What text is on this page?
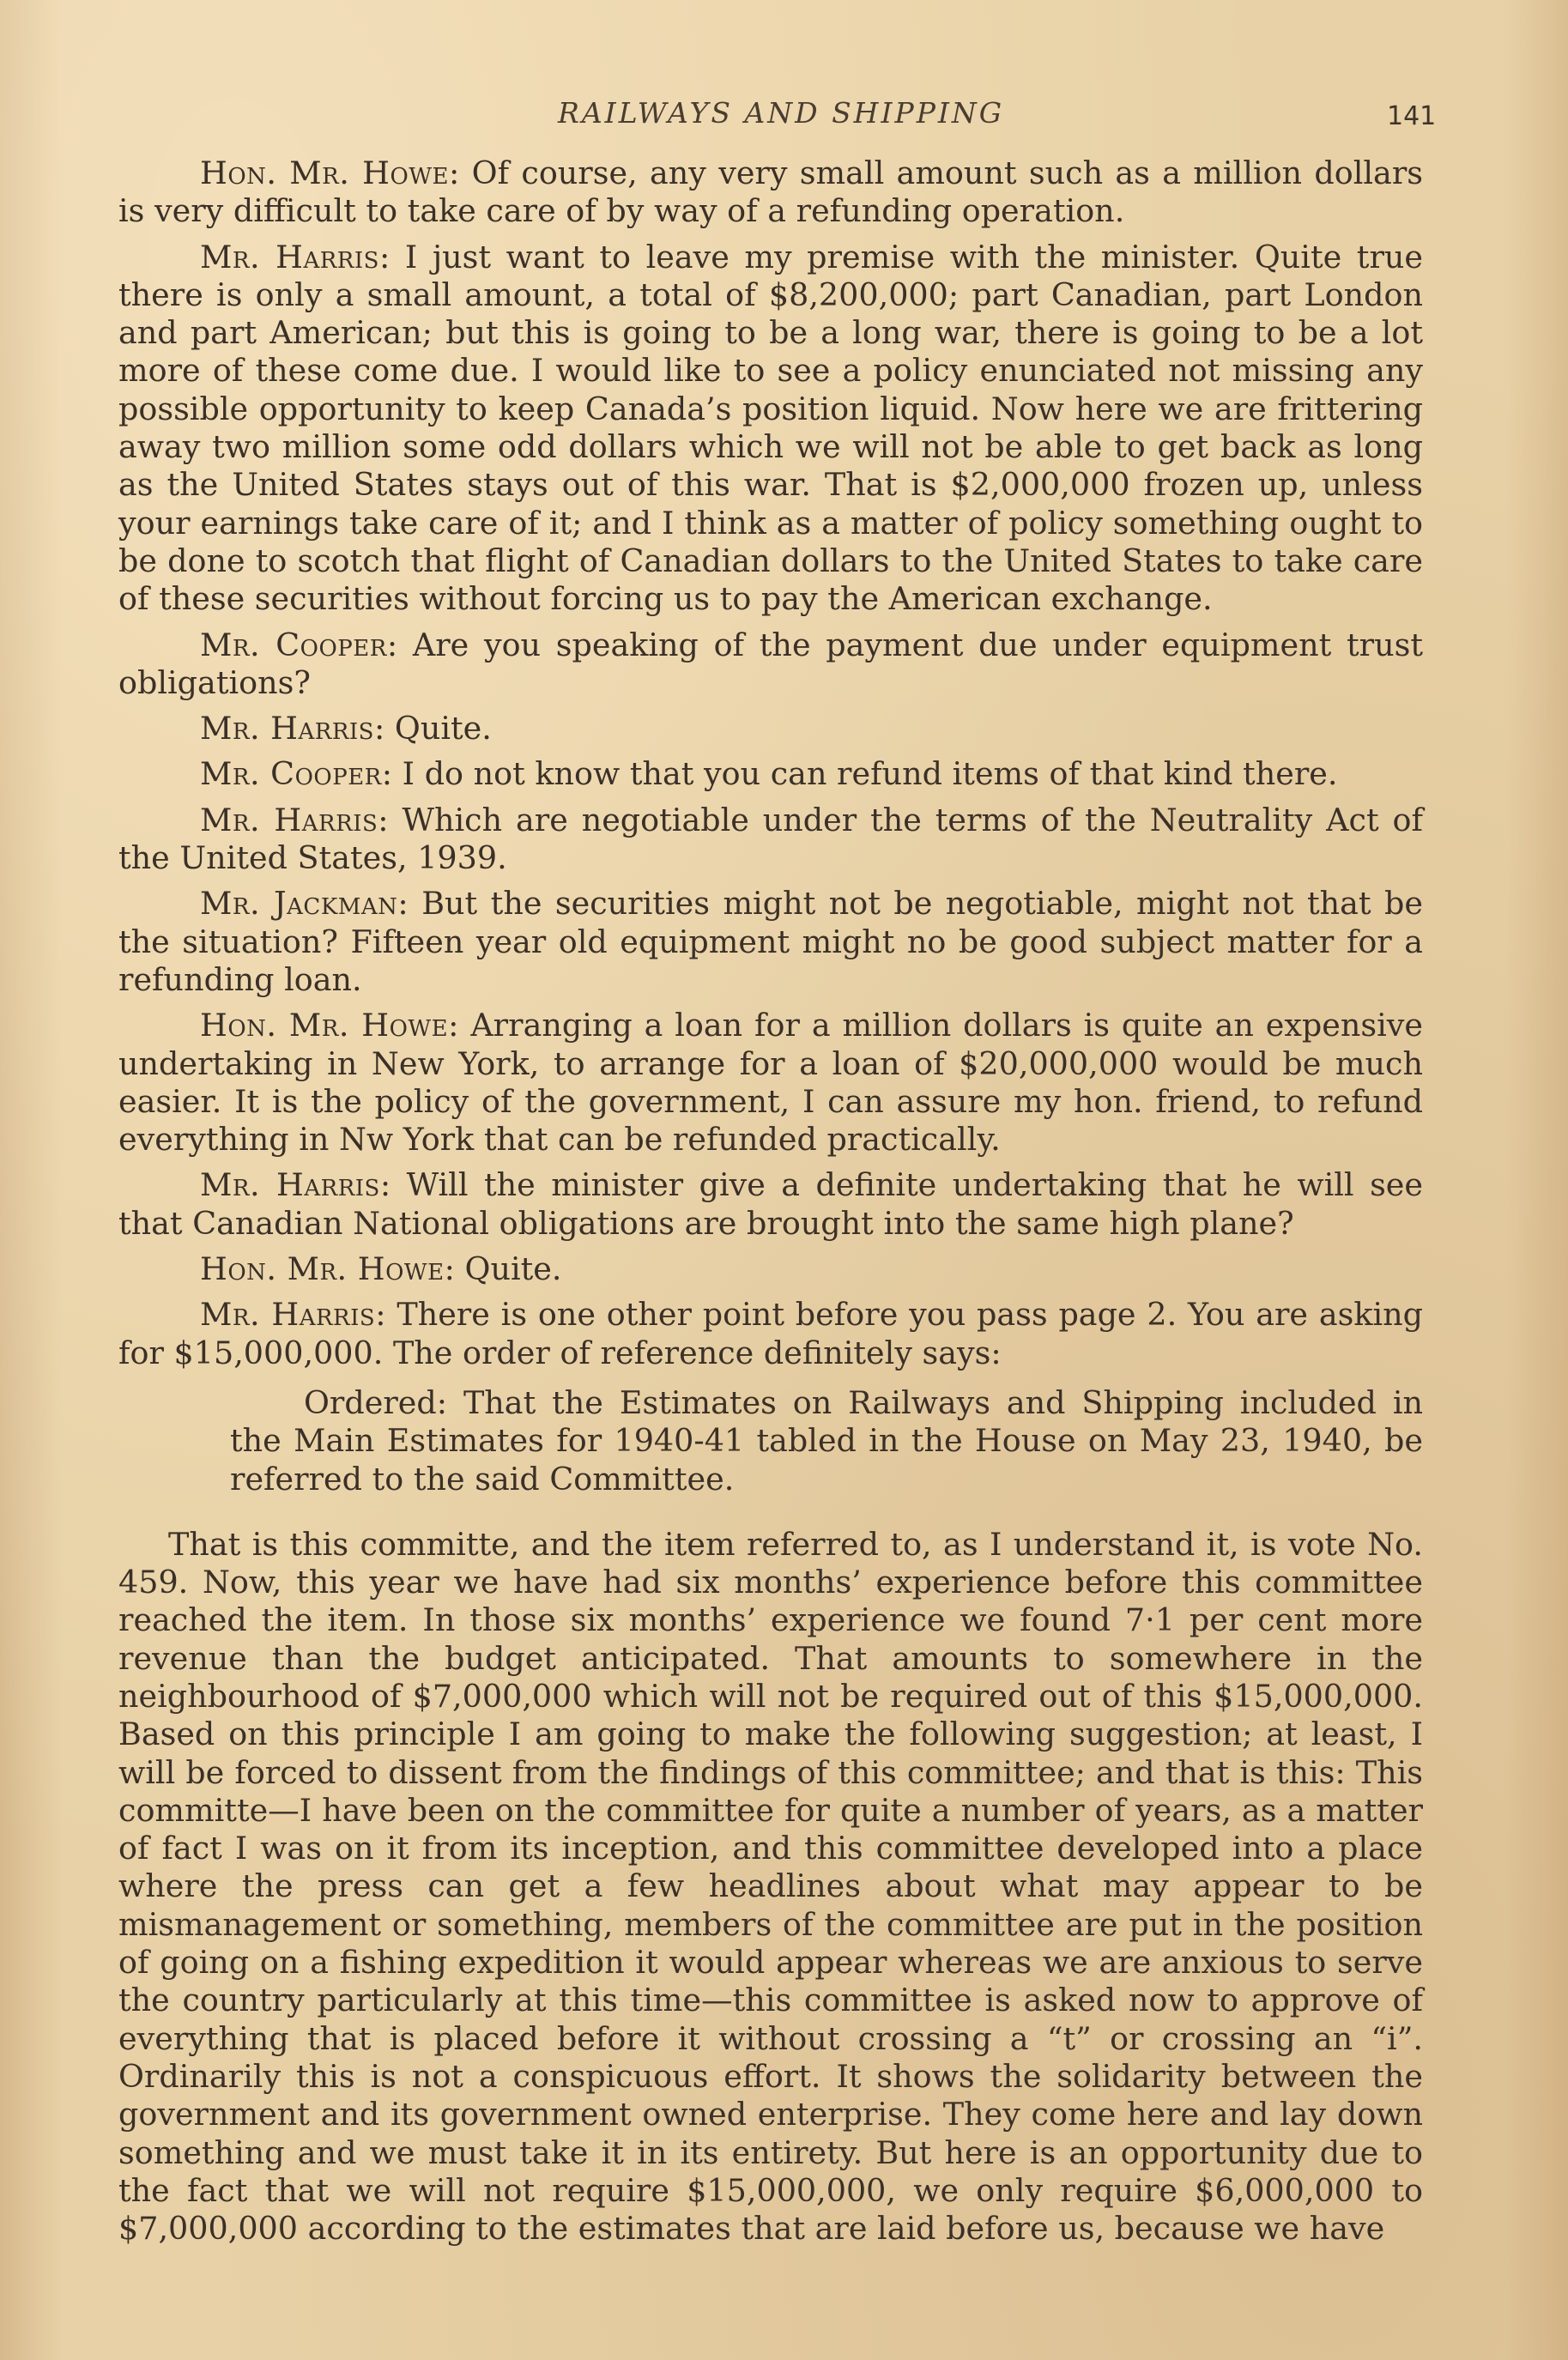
RAILWAYS AND SHIPPING	141

Hon. Mr. Howe: Of course, any very small amount such as a million dollars is very difficult to take care of by way of a refunding operation.

Mr. Harris: I just want to leave my premise with the minister. Quite true there is only a small amount, a total of $8,200,000; part Canadian, part London and part American; but this is going to be a long war, there is going to be a lot more of these come due. I would like to see a policy enunciated not missing any possible opportunity to keep Canada’s position liquid. Now here we are frittering away two million some odd dollars which we will not be able to get back as long as the United States stays out of this war. That is $2,000,000 frozen up, unless your earnings take care of it; and I think as a matter of policy something ought to be done to scotch that flight of Canadian dollars to the United States to take care of these securities without forcing us to pay the American exchange.

Mr. Cooper: Are you speaking of the payment due under equipment trust obligations?

Mr. Harris: Quite.

Mr. Cooper: I do not know that you can refund items of that kind there.

Mr. Harris: Which are negotiable under the terms of the Neutrality Act of the United States, 1939.

Mr. Jackman: But the securities might not be negotiable, might not that be the situation? Fifteen year old equipment might no be good subject matter for a refunding loan.

Hon. Mr. Howe: Arranging a loan for a million dollars is quite an expensive undertaking in New York, to arrange for a loan of $20,000,000 would be much easier. It is the policy of the government, I can assure my hon. friend, to refund everything in Nw York that can be refunded practically.

Mr. Harris: Will the minister give a definite undertaking that he will see that Canadian National obligations are brought into the same high plane?

Hon. Mr. Howe: Quite.

Mr. Harris: There is one other point before you pass page 2. You are asking for $15,000,000. The order of reference definitely says:

Ordered: That the Estimates on Railways and Shipping included in the Main Estimates for 1940-41 tabled in the House on May 23, 1940, be referred to the said Committee.

That is this committe, and the item referred to, as I understand it, is vote No. 459. Now, this year we have had six months’ experience before this committee reached the item. In those six months’ experience we found 7·1 per cent more revenue than the budget anticipated. That amounts to somewhere in the neighbourhood of $7,000,000 which will not be required out of this $15,000,000. Based on this principle I am going to make the following suggestion; at least, I will be forced to dissent from the findings of this committee; and that is this: This committe—I have been on the committee for quite a number of years, as a matter of fact I was on it from its inception, and this committee developed into a place where the press can get a few headlines about what may appear to be mismanagement or something, members of the committee are put in the position of going on a fishing expedition it would appear whereas we are anxious to serve the country particularly at this time—this committee is asked now to approve of everything that is placed before it without crossing a “t” or crossing an “i”. Ordinarily this is not a conspicuous effort. It shows the solidarity between the government and its government owned enterprise. They come here and lay down something and we must take it in its entirety. But here is an opportunity due to the fact that we will not require $15,000,000, we only require $6,000,000 to $7,000,000 according to the estimates that are laid before us, because we have
